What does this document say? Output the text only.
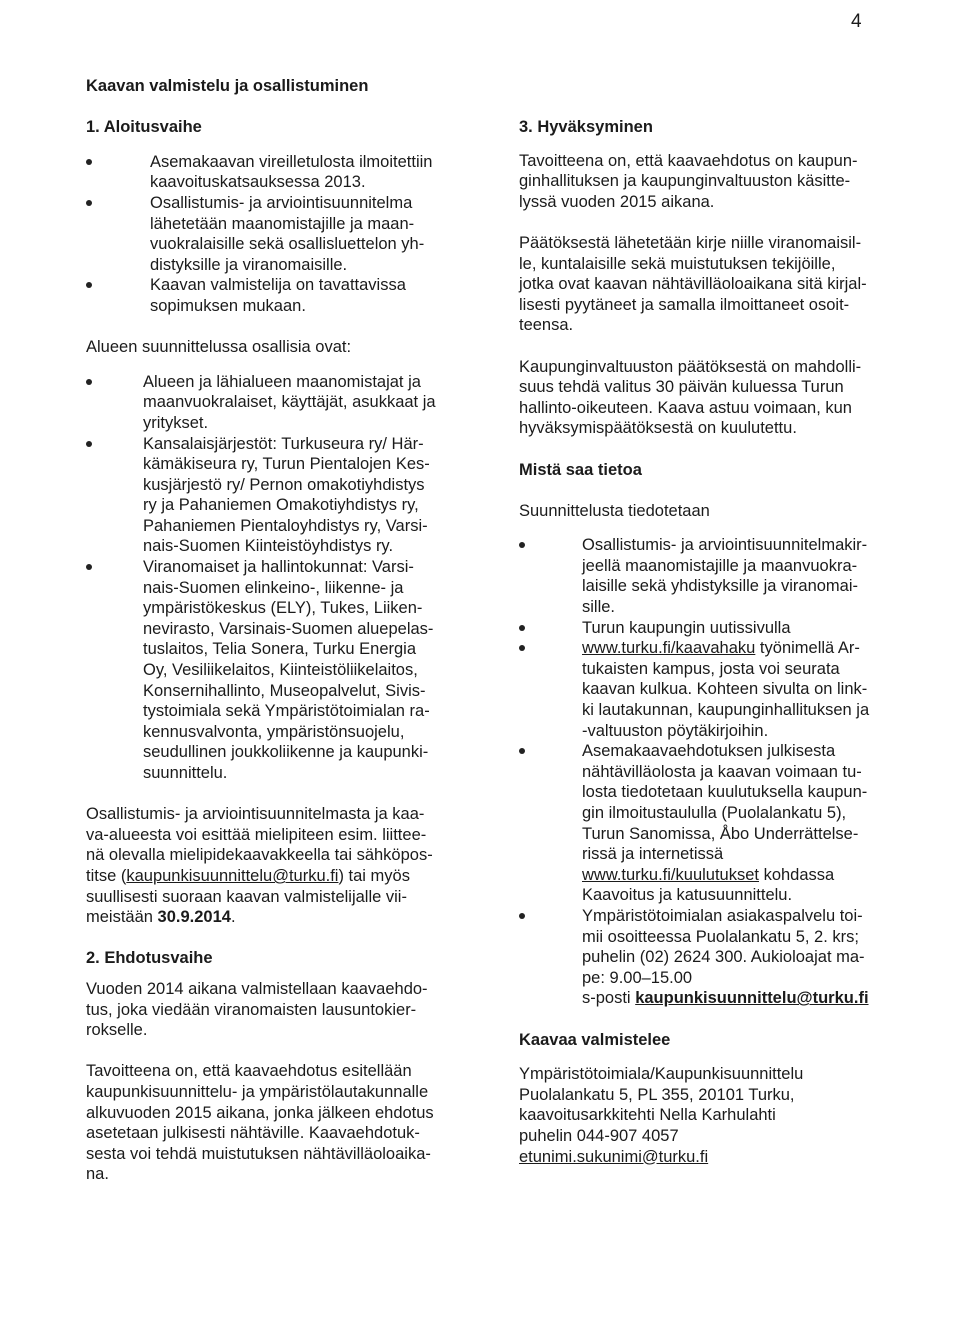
4

Kaavan valmistelu ja osallistuminen

1. Aloitusvaihe

Asemakaavan vireilletulosta ilmoitettiin

kaavoituskatsauksessa 2013.

Osallistumis- ja arviointisuunnitelma

lähetetään maanomistajille ja maan-

vuokralaisille sekä osallisluettelon yh-

distyksille ja viranomaisille.

Kaavan valmistelija on tavattavissa

sopimuksen mukaan.

Alueen suunnittelussa osallisia ovat:

Alueen ja lähialueen maanomistajat ja

maanvuokralaiset, käyttäjät, asukkaat ja

yritykset.

Kansalaisjärjestöt: Turkuseura ry/ Här-

kämäkiseura ry, Turun Pientalojen Kes-

kusjärjestö ry/ Pernon omakotiyhdistys

ry ja Pahaniemen Omakotiyhdistys ry,

Pahaniemen Pientaloyhdistys ry, Varsi-

nais-Suomen Kiinteistöyhdistys ry.

Viranomaiset ja hallintokunnat: Varsi-

nais-Suomen elinkeino-, liikenne- ja

ympäristökeskus (ELY), Tukes, Liiken-

nevirasto, Varsinais-Suomen aluepelas-

tuslaitos, Telia Sonera, Turku Energia

Oy, Vesiliikelaitos, Kiinteistöliikelaitos,

Konsernihallinto, Museopalvelut, Sivis-

tystoimiala sekä Ympäristötoimialan ra-

kennusvalvonta, ympäristönsuojelu,

seudullinen joukkoliikenne ja kaupunki-

suunnittelu.

Osallistumis- ja arviointisuunnitelmasta ja kaa-

va-alueesta voi esittää mielipiteen esim. liittee-

nä olevalla mielipidekaavakkeella tai sähköpos-

titse (kaupunkisuunnittelu@turku.fi) tai myös

suullisesti suoraan kaavan valmistelijalle vii-

meistään 30.9.2014.

2. Ehdotusvaihe

Vuoden 2014 aikana valmistellaan kaavaehdo-

tus, joka viedään viranomaisten lausuntokier-

rokselle.

Tavoitteena on, että kaavaehdotus esitellään

kaupunkisuunnittelu- ja ympäristölautakunnalle

alkuvuoden 2015 aikana, jonka jälkeen ehdotus

asetetaan julkisesti nähtäville. Kaavaehdotuk-

sesta voi tehdä muistutuksen nähtävilläoloaika-

na.

3. Hyväksyminen

Tavoitteena on, että kaavaehdotus on kaupun-

ginhallituksen ja kaupunginvaltuuston käsitte-

lyssä vuoden 2015 aikana.

Päätöksestä lähetetään kirje niille viranomaisil-

le, kuntalaisille sekä muistutuksen tekijöille,

jotka ovat kaavan nähtävilläoloaikana sitä kirjal-

lisesti pyytäneet ja samalla ilmoittaneet osoit-

teensa.

Kaupunginvaltuuston päätöksestä on mahdolli-

suus tehdä valitus 30 päivän kuluessa Turun

hallinto-oikeuteen. Kaava astuu voimaan, kun

hyväksymispäätöksestä on kuulutettu.

Mistä saa tietoa

Suunnittelusta tiedotetaan

Osallistumis- ja arviointisuunnitelmakir-

jeellä maanomistajille ja maanvuokra-

laisille sekä yhdistyksille ja viranomai-

sille.

Turun kaupungin uutissivulla

www.turku.fi/kaavahaku työnimellä Ar-

tukaisten kampus, josta voi seurata

kaavan kulkua. Kohteen sivulta on link-

ki lautakunnan, kaupunginhallituksen ja

-valtuuston pöytäkirjoihin.

Asemakaavaehdotuksen julkisesta

nähtävilläolosta ja kaavan voimaan tu-

losta tiedotetaan kuulutuksella kaupun-

gin ilmoitustaululla (Puolalankatu 5),

Turun Sanomissa, Åbo Underrättelse-

rissä ja internetissä

www.turku.fi/kuulutukset kohdassa

Kaavoitus ja katusuunnittelu.

Ympäristötoimialan asiakaspalvelu toi-

mii osoitteessa Puolalankatu 5, 2. krs;

puhelin (02) 2624 300. Aukioloajat ma-

pe: 9.00–15.00

s-posti kaupunkisuunnittelu@turku.fi

Kaavaa valmistelee

Ympäristötoimiala/Kaupunkisuunnittelu

Puolalankatu 5, PL 355, 20101 Turku,

kaavoitusarkkitehti Nella Karhulahti

puhelin 044-907 4057

etunimi.sukunimi@turku.fi
